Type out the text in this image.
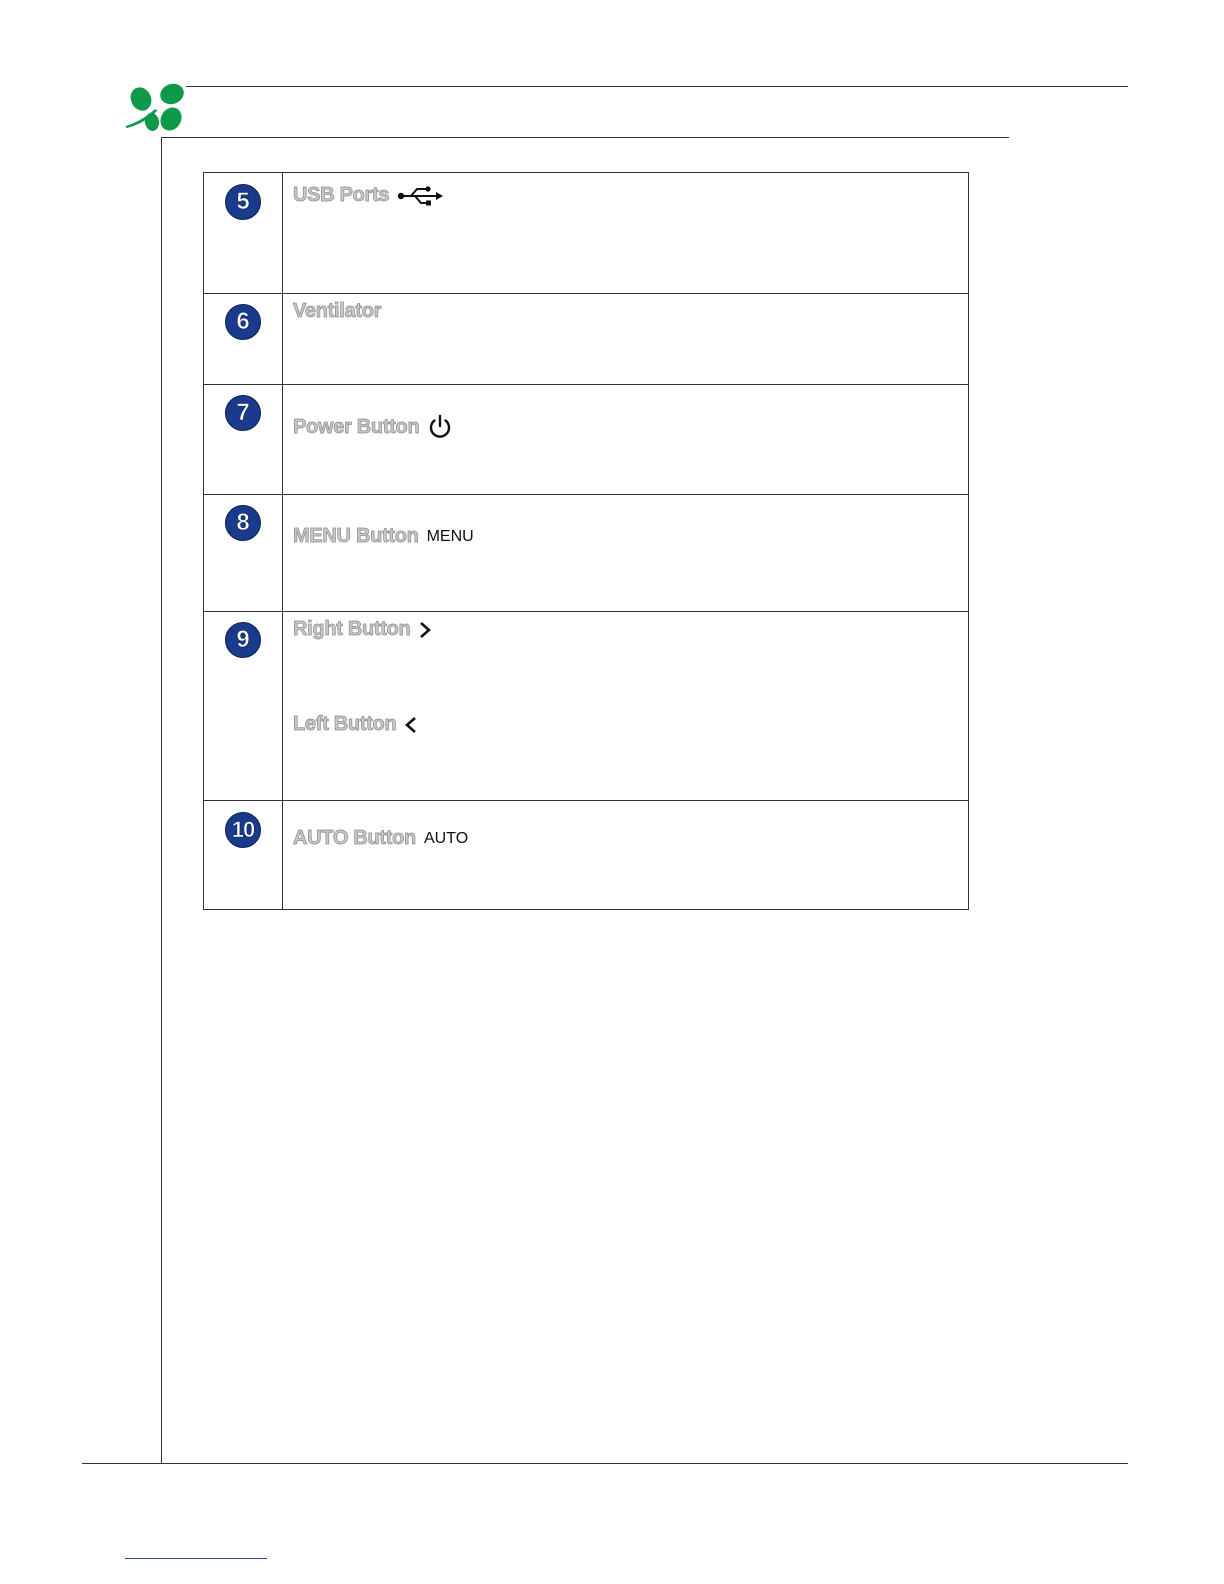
5	USB Ports

6	Ventilator

7	Power Button

8	MENU Button MENU

9	Right Button
Left Button

10	AUTO Button AUTO
